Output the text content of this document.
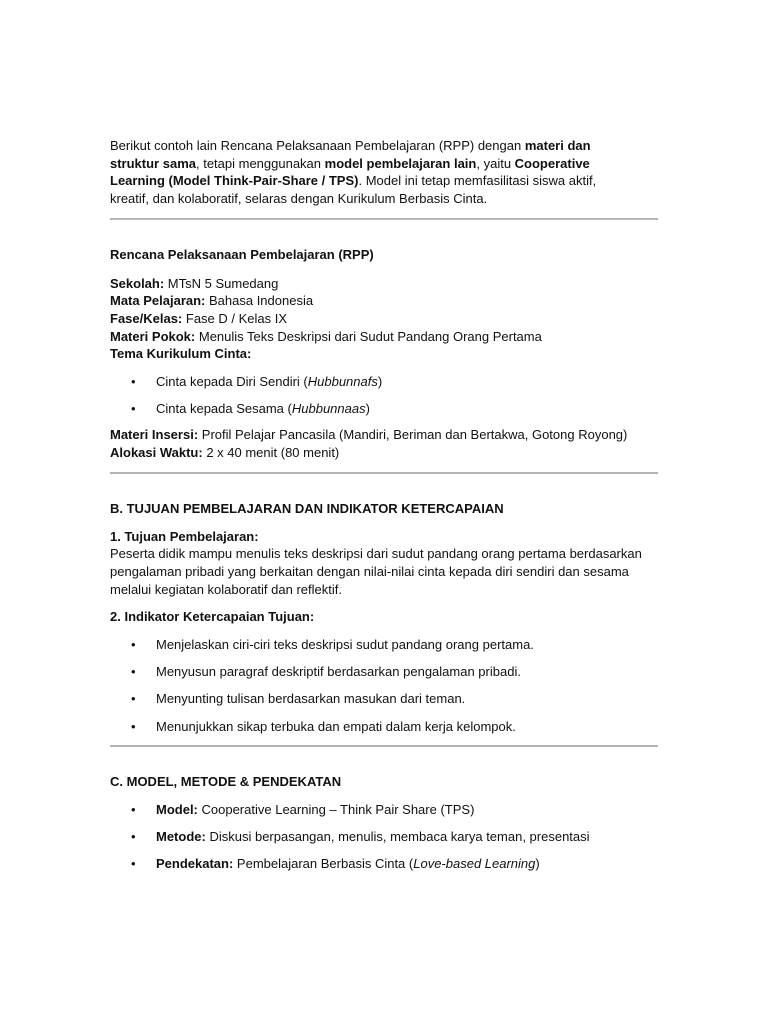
Berikut contoh lain Rencana Pelaksanaan Pembelajaran (RPP) dengan materi dan struktur sama, tetapi menggunakan model pembelajaran lain, yaitu Cooperative Learning (Model Think-Pair-Share / TPS). Model ini tetap memfasilitasi siswa aktif, kreatif, dan kolaboratif, selaras dengan Kurikulum Berbasis Cinta.

Rencana Pelaksanaan Pembelajaran (RPP)

Sekolah: MTsN 5 Sumedang

Mata Pelajaran: Bahasa Indonesia

Fase/Kelas: Fase D / Kelas IX

Materi Pokok: Menulis Teks Deskripsi dari Sudut Pandang Orang Pertama

Tema Kurikulum Cinta:

• Cinta kepada Diri Sendiri (Hubbunnafs)
• Cinta kepada Sesama (Hubbunnaas)

Materi Insersi: Profil Pelajar Pancasila (Mandiri, Beriman dan Bertakwa, Gotong Royong)

Alokasi Waktu: 2 x 40 menit (80 menit)

B. TUJUAN PEMBELAJARAN DAN INDIKATOR KETERCAPAIAN

1. Tujuan Pembelajaran:

Peserta didik mampu menulis teks deskripsi dari sudut pandang orang pertama berdasarkan pengalaman pribadi yang berkaitan dengan nilai-nilai cinta kepada diri sendiri dan sesama melalui kegiatan kolaboratif dan reflektif.

2. Indikator Ketercapaian Tujuan:

• Menjelaskan ciri-ciri teks deskripsi sudut pandang orang pertama.
• Menyusun paragraf deskriptif berdasarkan pengalaman pribadi.
• Menyunting tulisan berdasarkan masukan dari teman.
• Menunjukkan sikap terbuka dan empati dalam kerja kelompok.

C. MODEL, METODE & PENDEKATAN

• Model: Cooperative Learning – Think Pair Share (TPS)
• Metode: Diskusi berpasangan, menulis, membaca karya teman, presentasi
• Pendekatan: Pembelajaran Berbasis Cinta (Love-based Learning)
